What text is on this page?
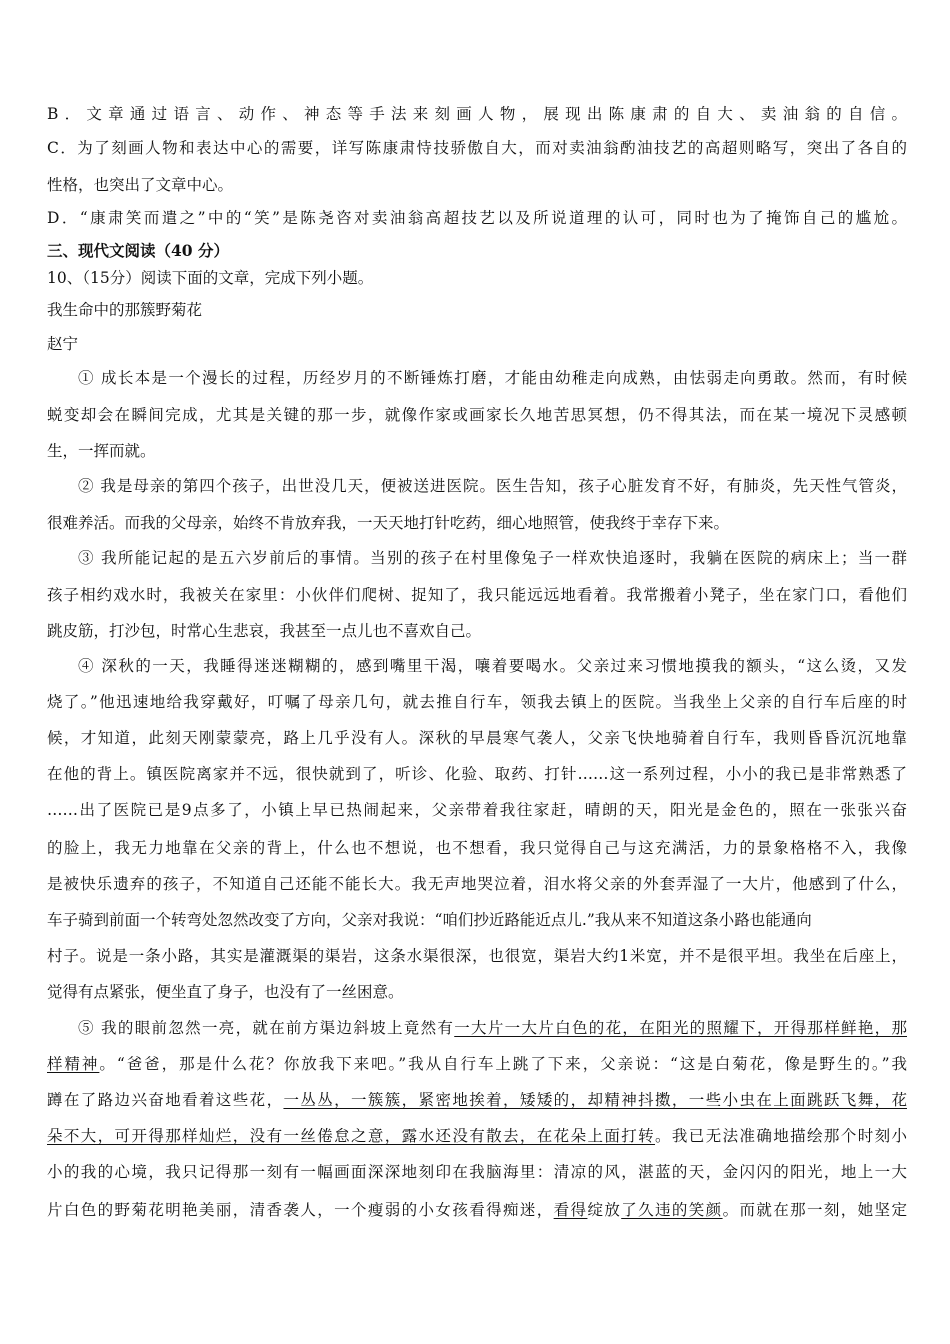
B．文章通过语言、动作、神态等手法来刻画人物，展现出陈康肃的自大、卖油翁的自信。
C．为了刻画人物和表达中心的需要，详写陈康肃恃技骄傲自大，而对卖油翁酌油技艺的高超则略写，突出了各自的
性格，也突出了文章中心。
D．“康肃笑而遣之”中的“笑”是陈尧咨对卖油翁高超技艺以及所说道理的认可，同时也为了掩饰自己的尴尬。
三、现代文阅读（40 分）
10、（15分）阅读下面的文章，完成下列小题。
我生命中的那簇野菊花
赵宁
① 成长本是一个漫长的过程，历经岁月的不断锤炼打磨，才能由幼稚走向成熟，由怯弱走向勇敢。然而，有时候
蜕变却会在瞬间完成，尤其是关键的那一步，就像作家或画家长久地苦思冥想，仍不得其法，而在某一境况下灵感顿
生，一挥而就。
② 我是母亲的第四个孩子，出世没几天，便被送进医院。医生告知，孩子心脏发育不好，有肺炎，先天性气管炎，
很难养活。而我的父母亲，始终不肯放弃我，一天天地打针吃药，细心地照管，使我终于幸存下来。
③ 我所能记起的是五六岁前后的事情。当别的孩子在村里像兔子一样欢快追逐时，我躺在医院的病床上；当一群
孩子相约戏水时，我被关在家里：小伙伴们爬树、捉知了，我只能远远地看着。我常搬着小凳子，坐在家门口，看他们
跳皮筋，打沙包，时常心生悲哀，我甚至一点儿也不喜欢自己。
④ 深秋的一天，我睡得迷迷糊糊的，感到嘴里干渴，嚷着要喝水。父亲过来习惯地摸我的额头，“这么烫，又发
烧了。”他迅速地给我穿戴好，叮嘱了母亲几句，就去推自行车，领我去镇上的医院。当我坐上父亲的自行车后座的时
候，才知道，此刻天刚蒙蒙亮，路上几乎没有人。深秋的早晨寒气袭人，父亲飞快地骑着自行车，我则昏昏沉沉地靠
在他的背上。镇医院离家并不远，很快就到了，听诊、化验、取药、打针……这一系列过程，小小的我已是非常熟悉了
……出了医院已是9点多了，小镇上早已热闹起来，父亲带着我往家赶，晴朗的天，阳光是金色的，照在一张张兴奋
的脸上，我无力地靠在父亲的背上，什么也不想说，也不想看，我只觉得自己与这充满活，力的景象格格不入，我像
是被快乐遗弃的孩子，不知道自己还能不能长大。我无声地哭泣着，泪水将父亲的外套弄湿了一大片，他感到了什么，
车子骑到前面一个转弯处忽然改变了方向，父亲对我说：“咱们抄近路能近点儿.”我从来不知道这条小路也能通向
村子。说是一条小路，其实是灌溉渠的渠岩，这条水渠很深，也很宽，渠岩大约1米宽，并不是很平坦。我坐在后座上，
觉得有点紧张，便坐直了身子，也没有了一丝困意。
⑤ 我的眼前忽然一亮，就在前方渠边斜坡上竟然有一大片一大片白色的花，在阳光的照耀下，开得那样鲜艳，那
样精神。“爸爸，那是什么花？你放我下来吧。”我从自行车上跳了下来，父亲说：“这是白菊花，像是野生的。”我
蹲在了路边兴奋地看着这些花，一丛丛，一簇簇，紧密地挨着，矮矮的，却精神抖擞，一些小虫在上面跳跃飞舞，花
朵不大，可开得那样灿烂，没有一丝倦怠之意，露水还没有散去，在花朵上面打转。我已无法准确地描绘那个时刻小
小的我的心境，我只记得那一刻有一幅画面深深地刻印在我脑海里：清凉的风，湛蓝的天，金闪闪的阳光，地上一大
片白色的野菊花明艳美丽，清香袭人，一个瘦弱的小女孩看得痴迷，看得绽放了久违的笑颜。而就在那一刻，她坚定
